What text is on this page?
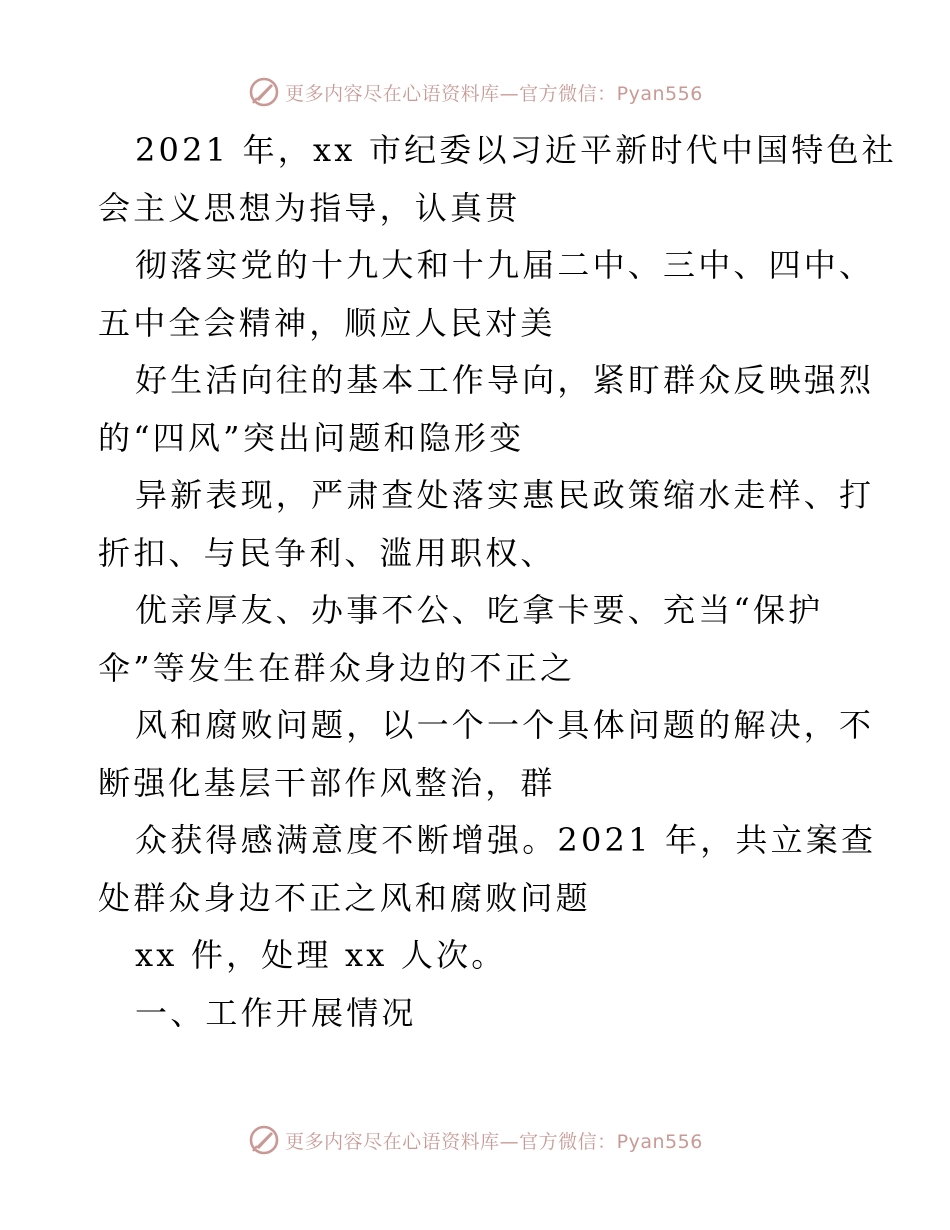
更多内容尽在心语资料库—官方微信：Pyan556
2021 年，xx 市纪委以习近平新时代中国特色社
会主义思想为指导，认真贯
彻落实党的十九大和十九届二中、三中、四中、
五中全会精神，顺应人民对美
好生活向往的基本工作导向，紧盯群众反映强烈
的“四风”突出问题和隐形变
异新表现，严肃查处落实惠民政策缩水走样、打
折扣、与民争利、滥用职权、
优亲厚友、办事不公、吃拿卡要、充当“保护
伞”等发生在群众身边的不正之
风和腐败问题，以一个一个具体问题的解决，不
断强化基层干部作风整治，群
众获得感满意度不断增强。2021 年，共立案查
处群众身边不正之风和腐败问题
xx 件，处理 xx 人次。
一、工作开展情况
更多内容尽在心语资料库—官方微信：Pyan556
